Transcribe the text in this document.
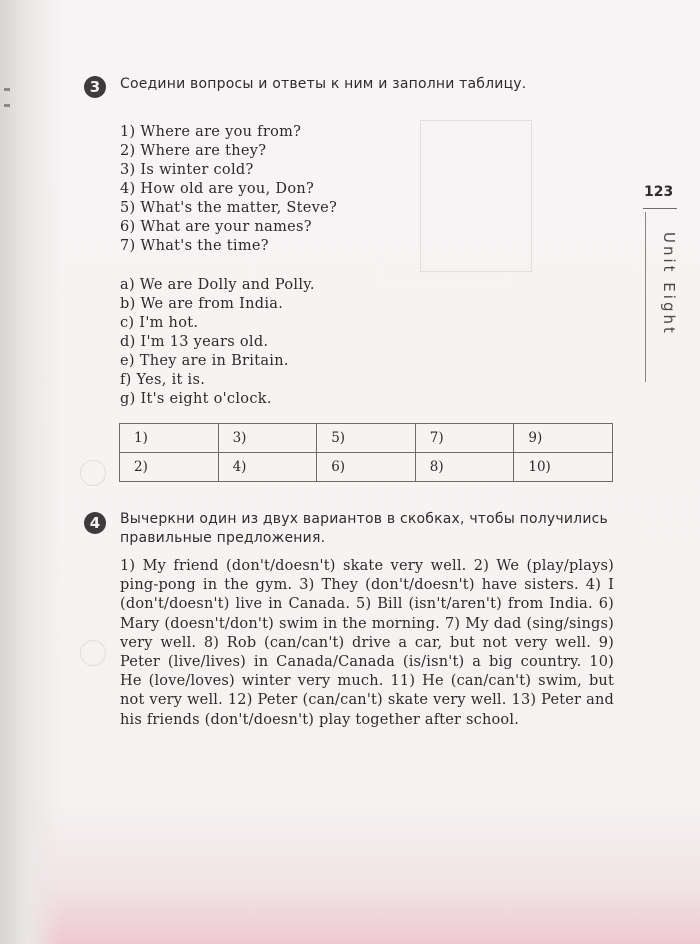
123
Unit Eight
3	Соедини вопросы и ответы к ним и заполни таблицу.
1) Where are you from?
2) Where are they?
3) Is winter cold?
4) How old are you, Don?
5) What's the matter, Steve?
6) What are your names?
7) What's the time?
a) We are Dolly and Polly.
b) We are from India.
c) I'm hot.
d) I'm 13 years old.
e) They are in Britain.
f) Yes, it is.
g) It's eight o'clock.
1)	3)	5)	7)	9)
2)	4)	6)	8)	10)
4	Вычеркни один из двух вариантов в скобках, чтобы получились правильные предложения.
1) My friend (don't/doesn't) skate very well. 2) We (play/plays) ping-pong in the gym. 3) They (don't/doesn't) have sisters. 4) I (don't/doesn't) live in Canada. 5) Bill (isn't/aren't) from India. 6) Mary (doesn't/don't) swim in the morning. 7) My dad (sing/sings) very well. 8) Rob (can/can't) drive a car, but not very well. 9) Peter (live/lives) in Canada/Canada (is/isn't) a big country. 10) He (love/loves) winter very much. 11) He (can/can't) swim, but not very well. 12) Peter (can/can't) skate very well. 13) Peter and his friends (don't/doesn't) play together after school.
